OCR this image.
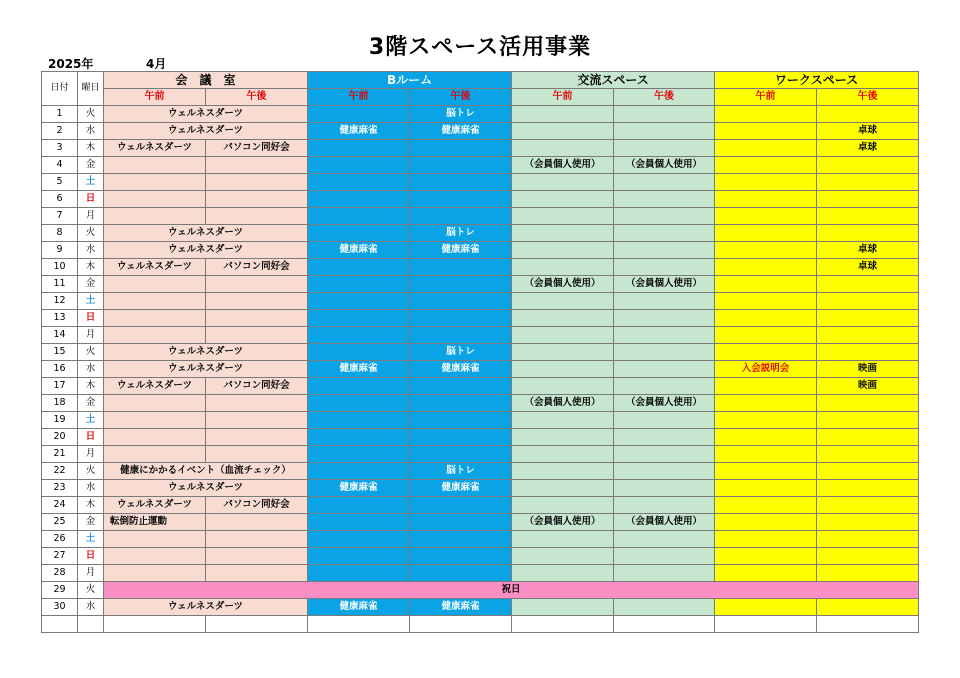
3階スペース活用事業
2025年	4月
日付	曜日	会　議　室		Bルーム		交流スペース		ワークスペース	
		午前	午後	午前	午後	午前	午後	午前	午後
1	火	ウェルネスダーツ			脳トレ				
2	水	ウェルネスダーツ		健康麻雀	健康麻雀				卓球
3	木	ウェルネスダーツ	パソコン同好会						卓球
4	金					（会員個人使用）	（会員個人使用）		
5	土								
6	日								
7	月								
8	火	ウェルネスダーツ			脳トレ				
9	水	ウェルネスダーツ		健康麻雀	健康麻雀				卓球
10	木	ウェルネスダーツ	パソコン同好会						卓球
11	金					（会員個人使用）	（会員個人使用）		
12	土								
13	日								
14	月								
15	火	ウェルネスダーツ			脳トレ				
16	水	ウェルネスダーツ		健康麻雀	健康麻雀			入会説明会	映画
17	木	ウェルネスダーツ	パソコン同好会						映画
18	金					（会員個人使用）	（会員個人使用）		
19	土								
20	日								
21	月								
22	火	健康にかかるイベント（血流チェック）			脳トレ				
23	水	ウェルネスダーツ		健康麻雀	健康麻雀				
24	木	ウェルネスダーツ	パソコン同好会						
25	金	転倒防止運動				（会員個人使用）	（会員個人使用）		
26	土								
27	日								
28	月								
29	火	祝日							
30	水	ウェルネスダーツ		健康麻雀	健康麻雀				
